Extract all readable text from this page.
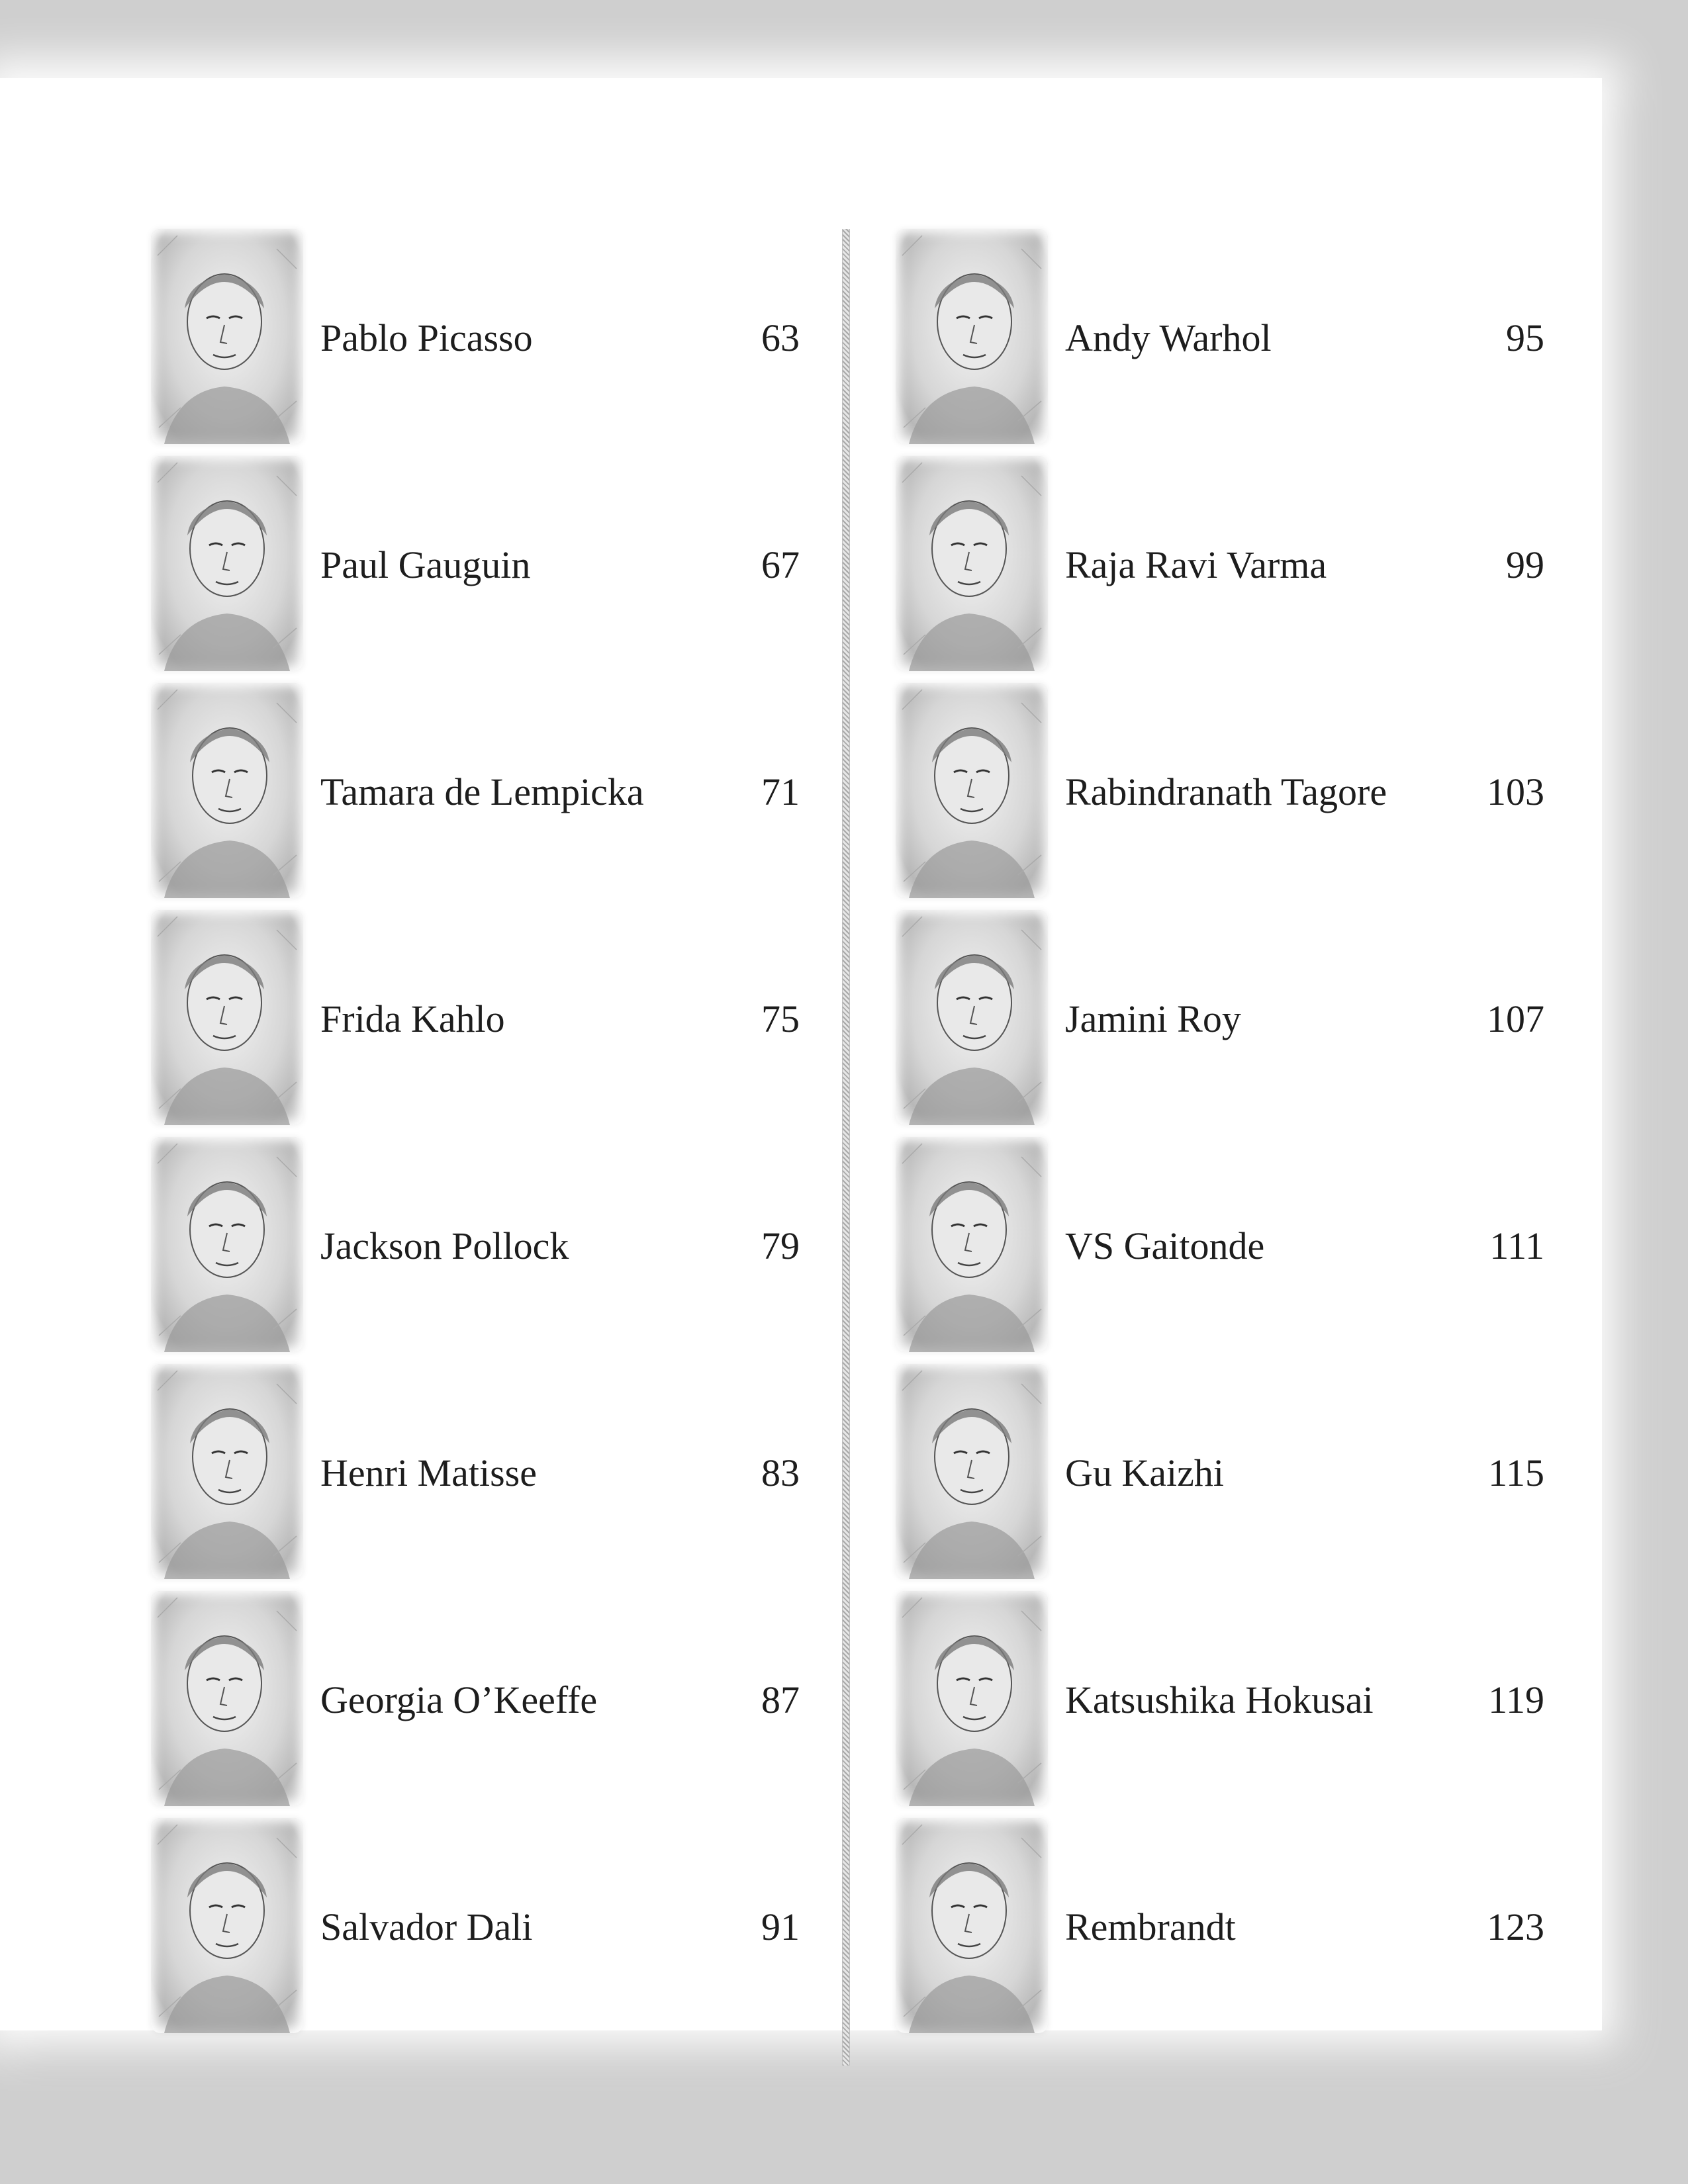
Pablo Picasso	63
Paul Gauguin	67
Tamara de Lempicka	71
Frida Kahlo	75
Jackson Pollock	79
Henri Matisse	83
Georgia O’Keeffe	87
Salvador Dali	91
Andy Warhol	95
Raja Ravi Varma	99
Rabindranath Tagore	103
Jamini Roy	107
VS Gaitonde	111
Gu Kaizhi	115
Katsushika Hokusai	119
Rembrandt	123
